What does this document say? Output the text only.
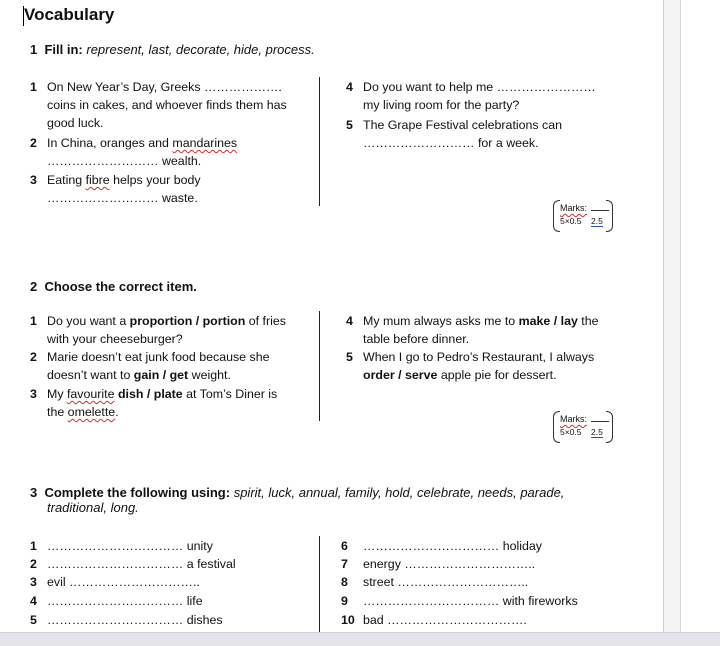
Vocabulary
1 Fill in: represent, last, decorate, hide, process.
1 On New Year’s Day, Greeks ……………….
coins in cakes, and whoever finds them has
good luck.
2 In China, oranges and mandarines
……………………… wealth.
3 Eating fibre helps your body
……………………… waste.
4 Do you want to help me ……………………
my living room for the party?
5 The Grape Festival celebrations can
……………………… for a week.
Marks:
5×0.5 2.5
2 Choose the correct item.
1 Do you want a proportion / portion of fries
with your cheeseburger?
2 Marie doesn’t eat junk food because she
doesn’t want to gain / get weight.
3 My favourite dish / plate at Tom’s Diner is
the omelette.
4 My mum always asks me to make / lay the
table before dinner.
5 When I go to Pedro’s Restaurant, I always
order / serve apple pie for dessert.
Marks:
5×0.5 2.5
3 Complete the following using: spirit, luck, annual, family, hold, celebrate, needs, parade,
traditional, long.
1 …………………………… unity
2 …………………………… a festival
3 evil …………………………..
4 …………………………… life
5 …………………………… dishes
6 …………………………… holiday
7 energy …………………………..
8 street …………………………..
9 …………………………… with fireworks
10 bad …………………………….
